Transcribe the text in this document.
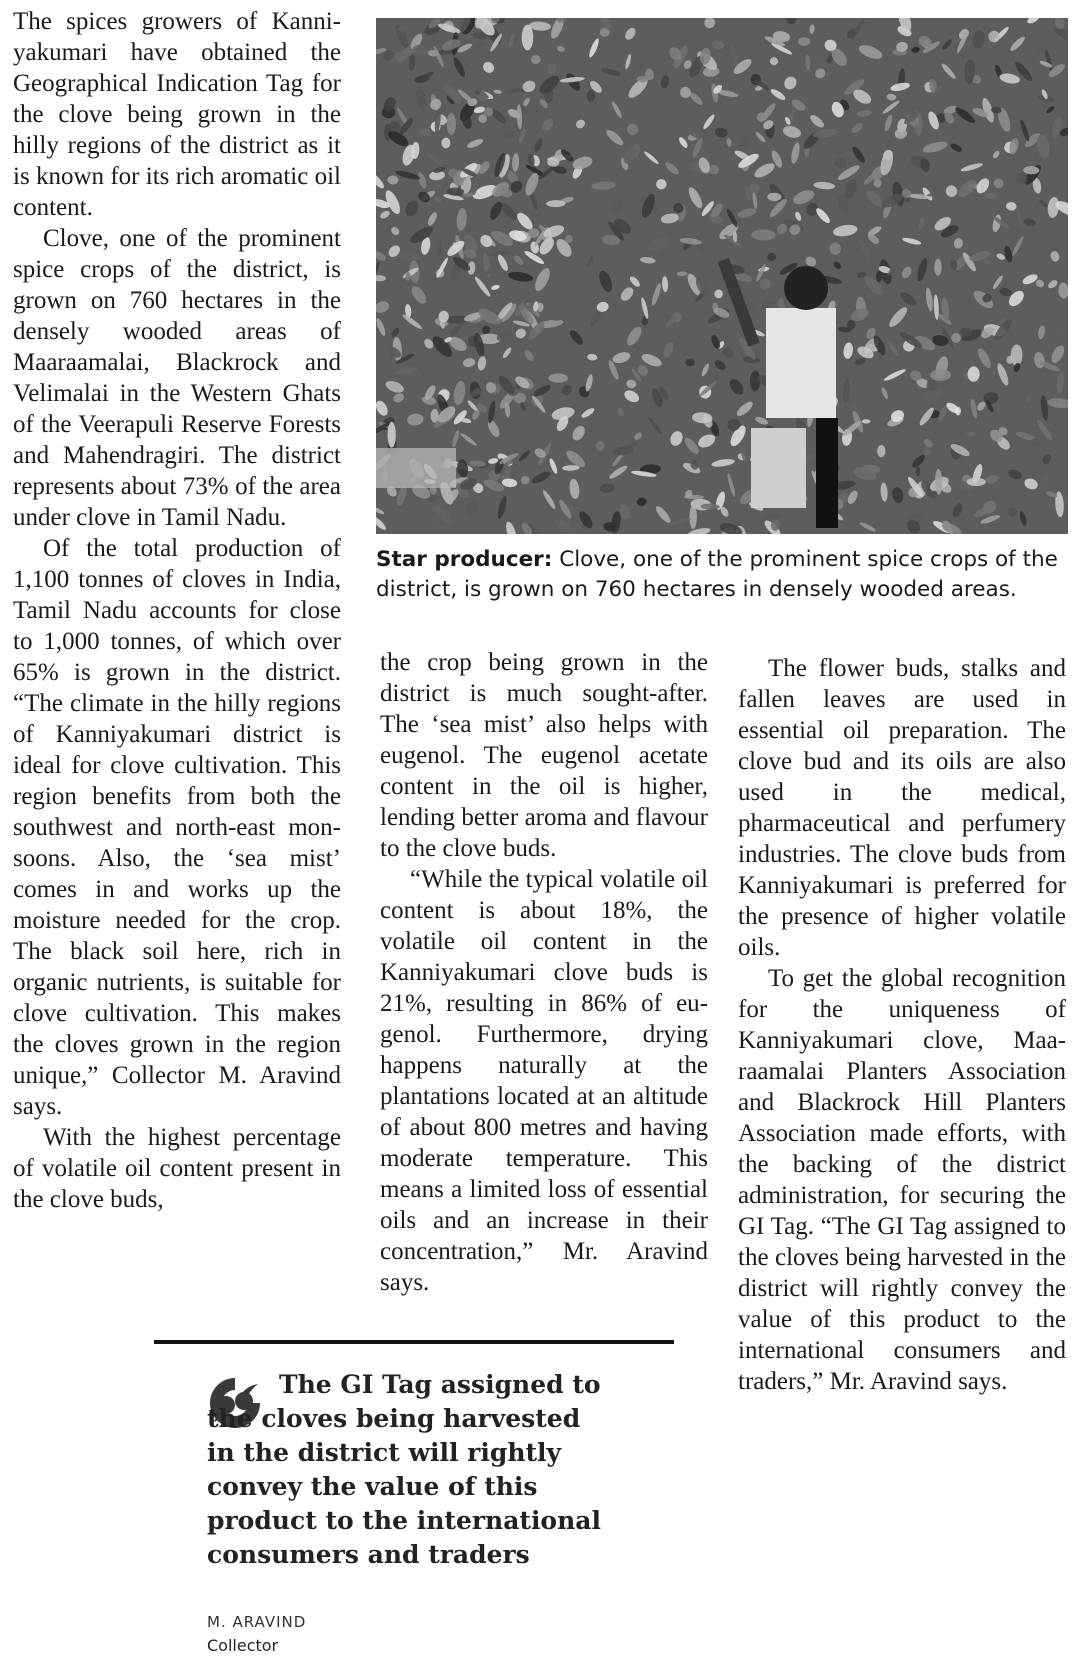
The spices growers of Kanniyakumari have obtained the Geographical Indication Tag for the clove being grown in the hilly regions of the district as it is known for its rich aromatic oil content.

Clove, one of the prominent spice crops of the district, is grown on 760 hectares in the densely wooded areas of Maaraamalai, Blackrock and Velimalai in the Western Ghats of the Veerapuli Reserve Forests and Mahendragiri. The district represents about 73% of the area under clove in Tamil Nadu.

Of the total production of 1,100 tonnes of cloves in India, Tamil Nadu accounts for close to 1,000 tonnes, of which over 65% is grown in the district. “The climate in the hilly regions of Kanniyakumari district is ideal for clove cultivation. This region benefits from both the southwest and north-east monsoons. Also, the ‘sea mist’ comes in and works up the moisture needed for the crop. The black soil here, rich in organic nutrients, is suitable for clove cultivation. This makes the cloves grown in the region unique,” Collector M. Aravind says.

With the highest percentage of volatile oil content present in the clove buds,

Star producer: Clove, one of the prominent spice crops of the district, is grown on 760 hectares in densely wooded areas.

the crop being grown in the district is much sought-after. The ‘sea mist’ also helps with eugenol. The eugenol acetate content in the oil is higher, lending better aroma and flavour to the clove buds.

“While the typical volatile oil content is about 18%, the volatile oil content in the Kanniyakumari clove buds is 21%, resulting in 86% of eugenol. Furthermore, drying happens naturally at the plantations located at an altitude of about 800 metres and having moderate temperature. This means a limited loss of essential oils and an increase in their concentration,” Mr. Aravind says.

The flower buds, stalks and fallen leaves are used in essential oil preparation. The clove bud and its oils are also used in the medical, pharmaceutical and perfumery industries. The clove buds from Kanniyakumari is preferred for the presence of higher volatile oils.

To get the global recognition for the uniqueness of Kanniyakumari clove, Maaraamalai Planters Association and Blackrock Hill Planters Association made efforts, with the backing of the district administration, for securing the GI Tag. “The GI Tag assigned to the cloves being harvested in the district will rightly convey the value of this product to the international consumers and traders,” Mr. Aravind says.

The GI Tag assigned to the cloves being harvested in the district will rightly convey the value of this product to the international consumers and traders
M. ARAVIND
Collector
